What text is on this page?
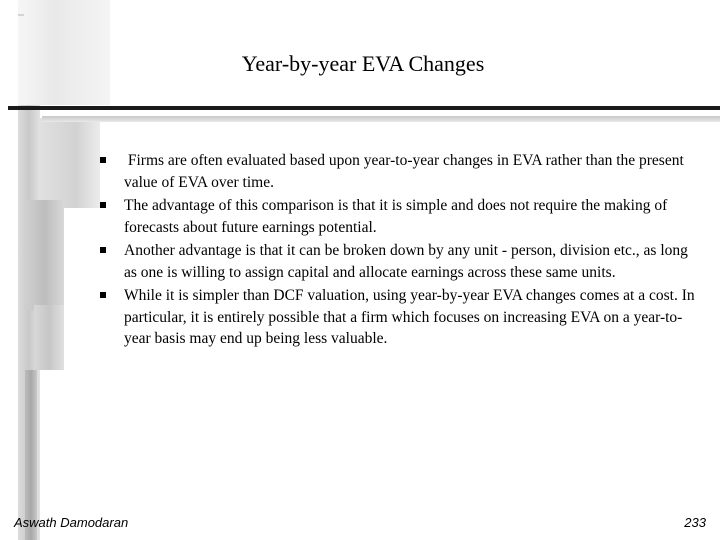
Year-by-year EVA Changes
Firms are often evaluated based upon year-to-year changes in EVA rather than the present value of EVA over time.
The advantage of this comparison is that it is simple and does not require the making of forecasts about future earnings potential.
Another advantage is that it can be broken down by any unit - person, division etc., as long as one is willing to assign capital and allocate earnings across these same units.
While it is simpler than DCF valuation, using year-by-year EVA changes comes at a cost. In particular, it is entirely possible that a firm which focuses on increasing EVA on a year-to-year basis may end up being less valuable.
Aswath Damodaran	233
